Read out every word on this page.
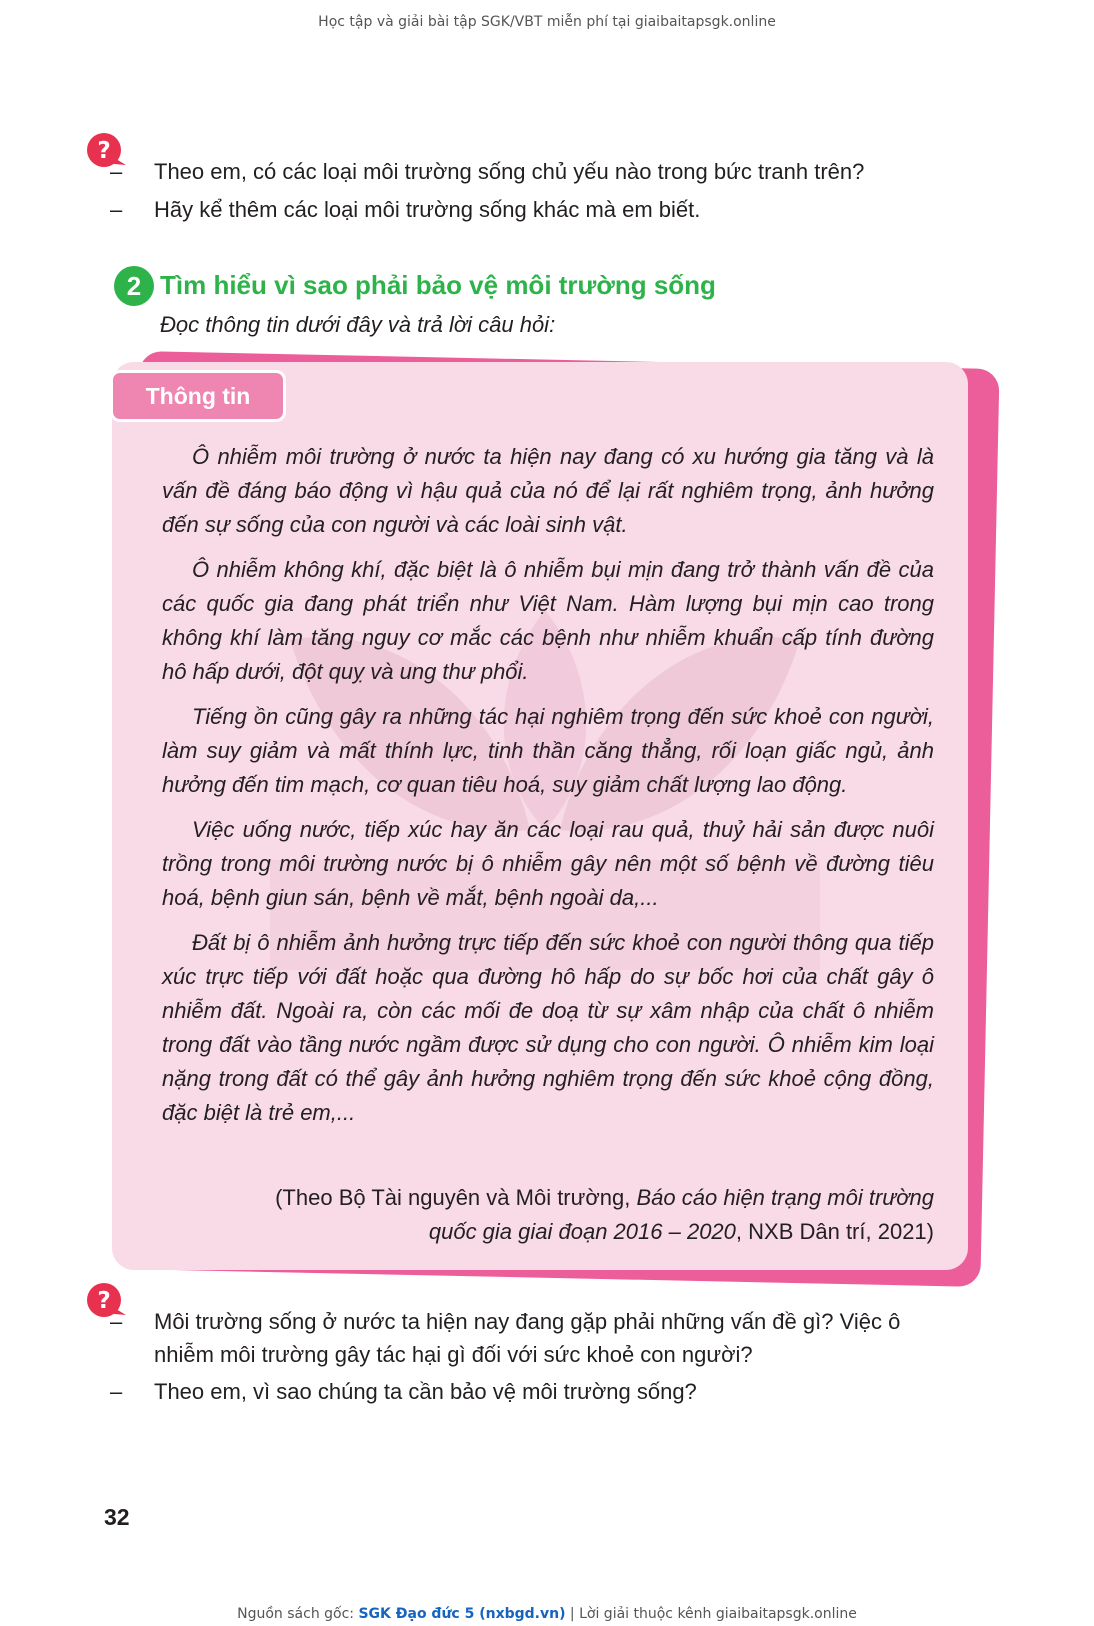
Học tập và giải bài tập SGK/VBT miễn phí tại giaibaitapsgk.online
?
– Theo em, có các loại môi trường sống chủ yếu nào trong bức tranh trên?
– Hãy kể thêm các loại môi trường sống khác mà em biết.
2 Tìm hiểu vì sao phải bảo vệ môi trường sống
Đọc thông tin dưới đây và trả lời câu hỏi:
Thông tin

Ô nhiễm môi trường ở nước ta hiện nay đang có xu hướng gia tăng và là vấn đề đáng báo động vì hậu quả của nó để lại rất nghiêm trọng, ảnh hưởng đến sự sống của con người và các loài sinh vật.

Ô nhiễm không khí, đặc biệt là ô nhiễm bụi mịn đang trở thành vấn đề của các quốc gia đang phát triển như Việt Nam. Hàm lượng bụi mịn cao trong không khí làm tăng nguy cơ mắc các bệnh như nhiễm khuẩn cấp tính đường hô hấp dưới, đột quỵ và ung thư phổi.

Tiếng ồn cũng gây ra những tác hại nghiêm trọng đến sức khoẻ con người, làm suy giảm và mất thính lực, tinh thần căng thẳng, rối loạn giấc ngủ, ảnh hưởng đến tim mạch, cơ quan tiêu hoá, suy giảm chất lượng lao động.

Việc uống nước, tiếp xúc hay ăn các loại rau quả, thuỷ hải sản được nuôi trồng trong môi trường nước bị ô nhiễm gây nên một số bệnh về đường tiêu hoá, bệnh giun sán, bệnh về mắt, bệnh ngoài da,...

Đất bị ô nhiễm ảnh hưởng trực tiếp đến sức khoẻ con người thông qua tiếp xúc trực tiếp với đất hoặc qua đường hô hấp do sự bốc hơi của chất gây ô nhiễm đất. Ngoài ra, còn các mối đe doạ từ sự xâm nhập của chất ô nhiễm trong đất vào tầng nước ngầm được sử dụng cho con người. Ô nhiễm kim loại nặng trong đất có thể gây ảnh hưởng nghiêm trọng đến sức khoẻ cộng đồng, đặc biệt là trẻ em,...

(Theo Bộ Tài nguyên và Môi trường, Báo cáo hiện trạng môi trường
quốc gia giai đoạn 2016 – 2020, NXB Dân trí, 2021)
?
– Môi trường sống ở nước ta hiện nay đang gặp phải những vấn đề gì? Việc ô
nhiễm môi trường gây tác hại gì đối với sức khoẻ con người?
– Theo em, vì sao chúng ta cần bảo vệ môi trường sống?
32
Nguồn sách gốc: SGK Đạo đức 5 (nxbgd.vn) | Lời giải thuộc kênh giaibaitapsgk.online
